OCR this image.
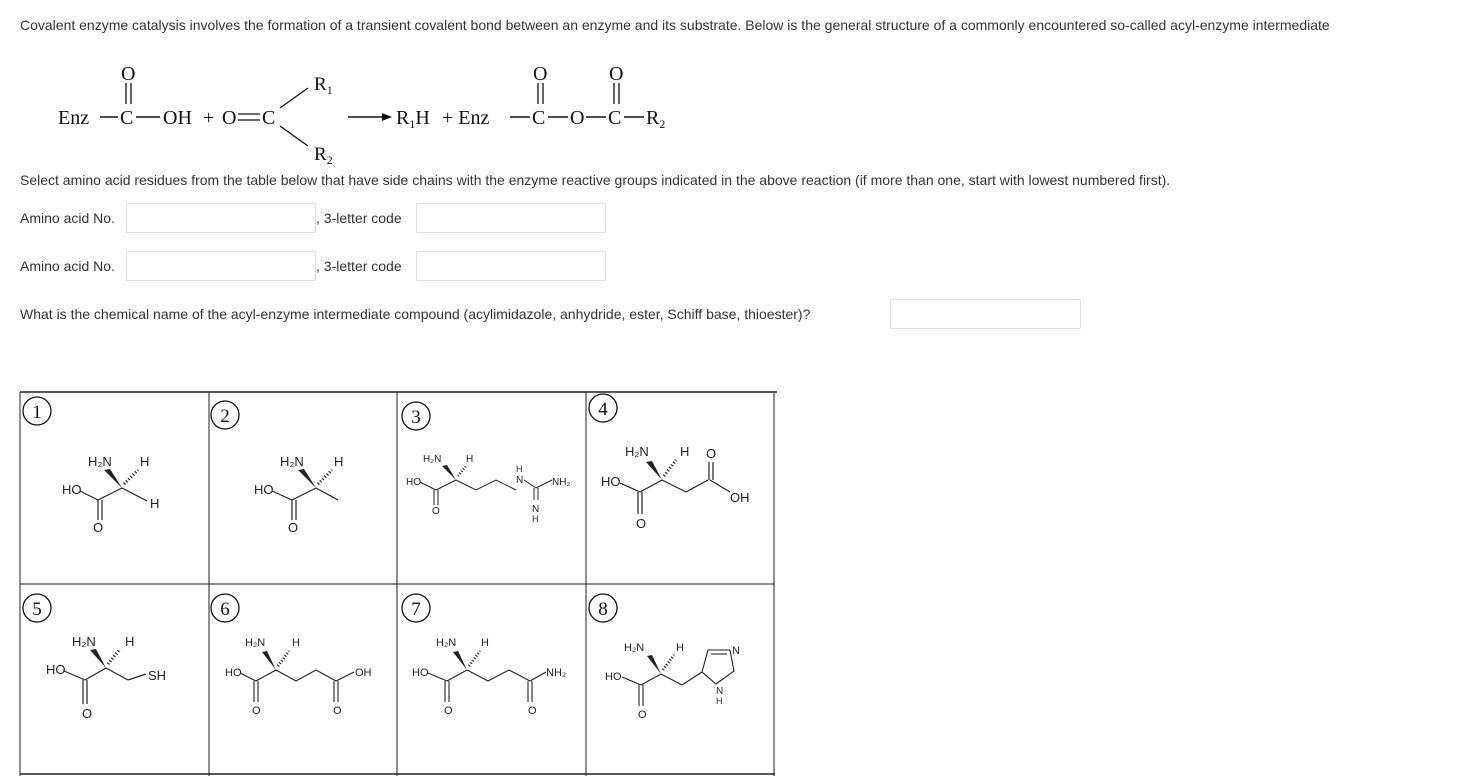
Covalent enzyme catalysis involves the formation of a transient covalent bond between an enzyme and its substrate. Below is the general structure of a commonly encountered so-called acyl-enzyme intermediate
Enz C
O
OH + O C
$R_1$
$R_2$
$R_1H$ + Enz C
O
O C
O
$R_2$
Select amino acid residues from the table below that have side chains with the enzyme reactive groups indicated in the above reaction (if more than one, start with lowest numbered first).
Amino acid No.	, 3-letter code
Amino acid No.	, 3-letter code
What is the chemical name of the acyl-enzyme intermediate compound (acylimidazole, anhydride, ester, Schiff base, thioester)?
1
H₂N H
HO
H
O
2
H₂N H
HO
O
3
H₂N H
HO
O
H
N	NH₂
N
H
4
H₂N H O
HO
OH
O
5
H₂N H
HO	SH
O
6
H₂N H
HO	OH
O	O
7
H₂N H
HO	NH₂
O	O
8
H₂N	H
HO
O
N
N
H
